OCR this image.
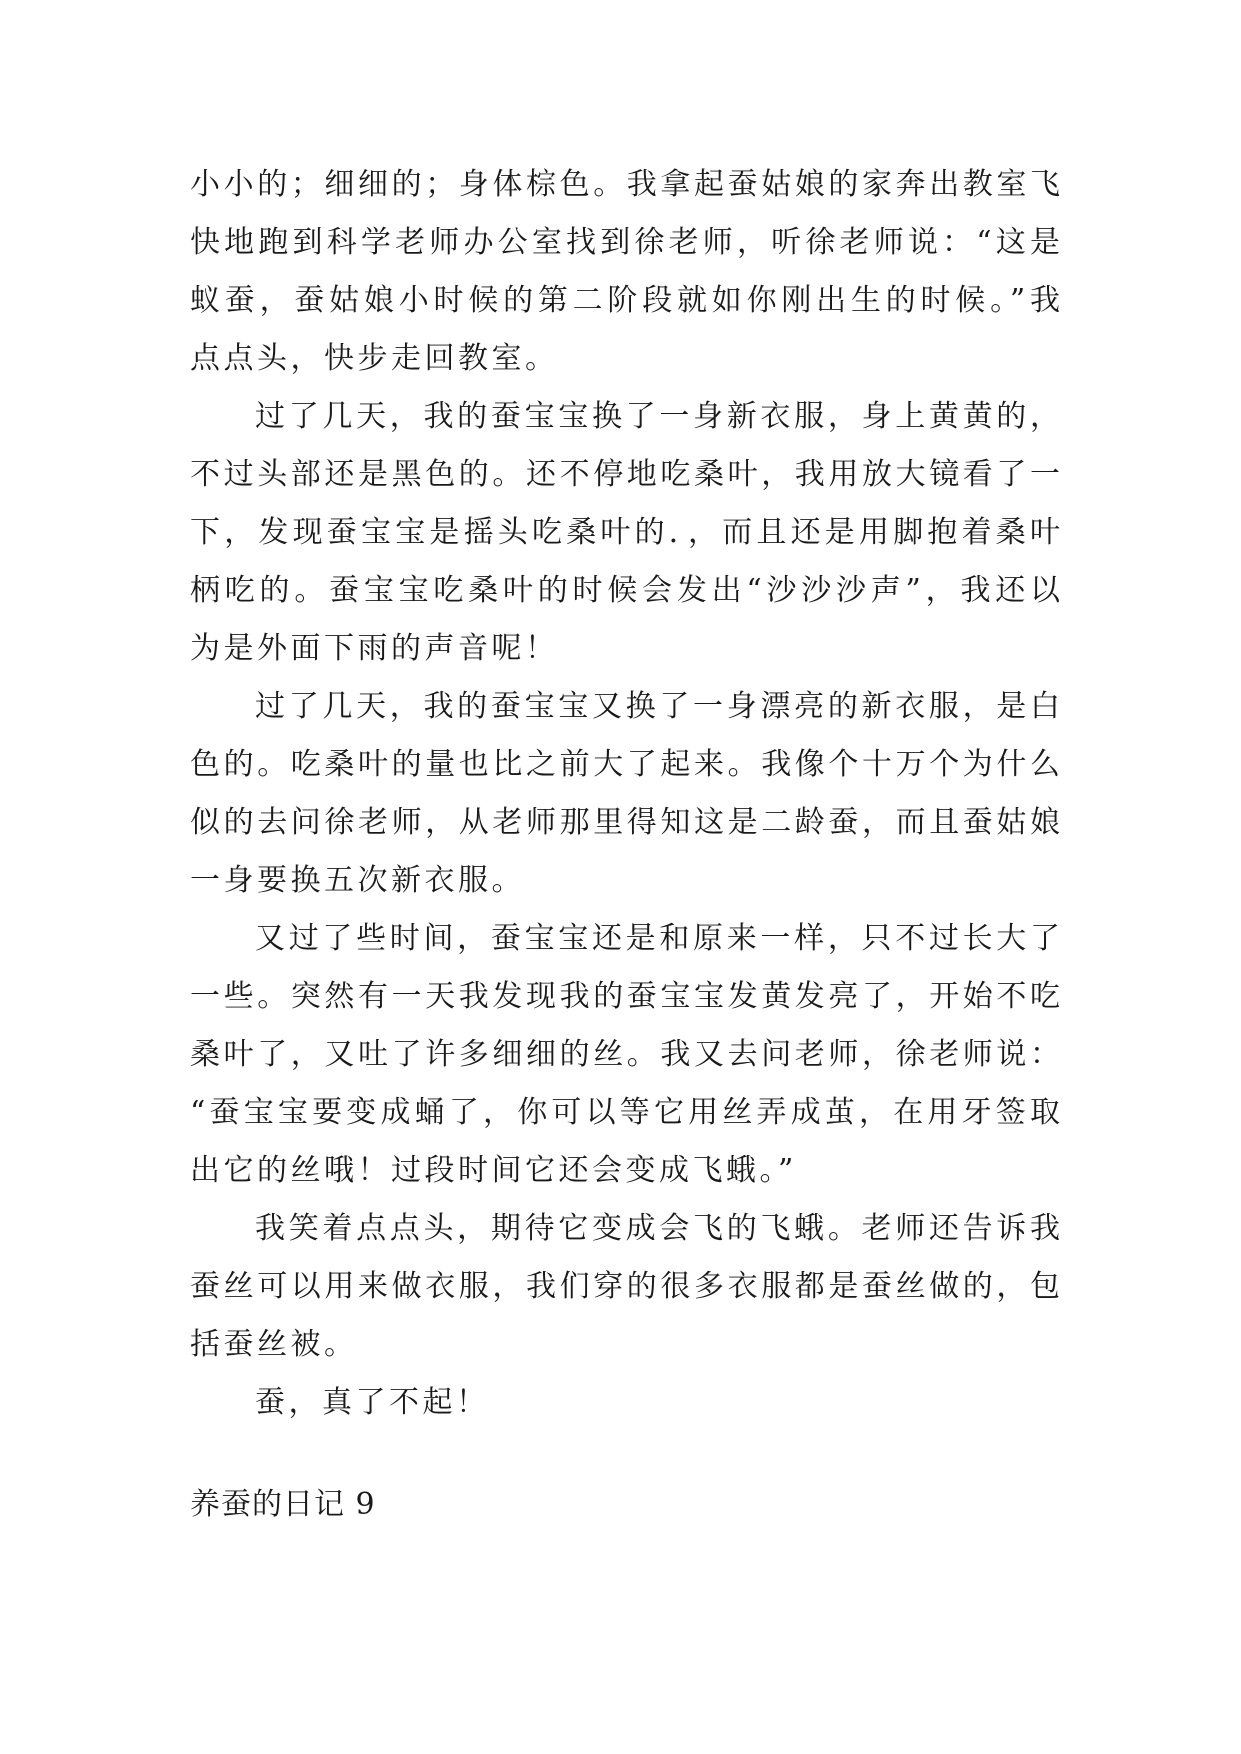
小小的；细细的；身体棕色。我拿起蚕姑娘的家奔出教室飞
快地跑到科学老师办公室找到徐老师，听徐老师说：“这是
蚁蚕，蚕姑娘小时候的第二阶段就如你刚出生的时候。”我
点点头，快步走回教室。
过了几天，我的蚕宝宝换了一身新衣服，身上黄黄的，
不过头部还是黑色的。还不停地吃桑叶，我用放大镜看了一
下，发现蚕宝宝是摇头吃桑叶的．，而且还是用脚抱着桑叶
柄吃的。蚕宝宝吃桑叶的时候会发出“沙沙沙声”，我还以
为是外面下雨的声音呢！
过了几天，我的蚕宝宝又换了一身漂亮的新衣服，是白
色的。吃桑叶的量也比之前大了起来。我像个十万个为什么
似的去问徐老师，从老师那里得知这是二龄蚕，而且蚕姑娘
一身要换五次新衣服。
又过了些时间，蚕宝宝还是和原来一样，只不过长大了
一些。突然有一天我发现我的蚕宝宝发黄发亮了，开始不吃
桑叶了，又吐了许多细细的丝。我又去问老师，徐老师说：
“蚕宝宝要变成蛹了，你可以等它用丝弄成茧，在用牙签取
出它的丝哦！过段时间它还会变成飞蛾。”
我笑着点点头，期待它变成会飞的飞蛾。老师还告诉我
蚕丝可以用来做衣服，我们穿的很多衣服都是蚕丝做的，包
括蚕丝被。
蚕，真了不起！
养蚕的日记 9
